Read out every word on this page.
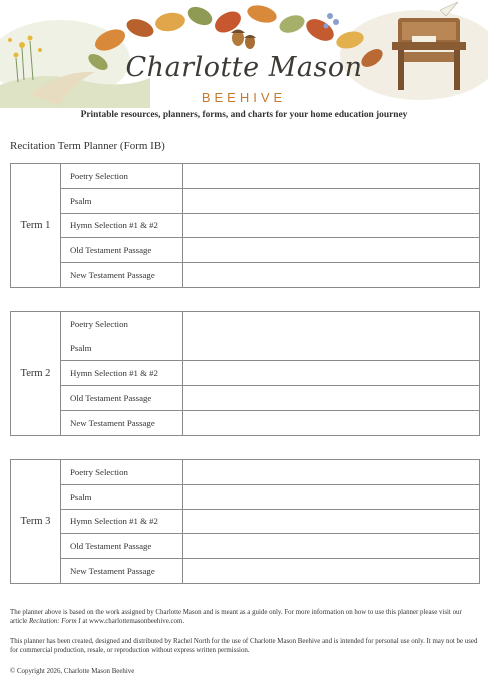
Charlotte Mason
BEEHIVE
Printable resources, planners, forms, and charts for your home education journey
Recitation Term Planner (Form IB)
Term 1
Poetry Selection
Psalm
Hymn Selection #1 & #2
Old Testament Passage
New Testament Passage
Term 2
Poetry Selection
Psalm
Hymn Selection #1 & #2
Old Testament Passage
New Testament Passage
Term 3
Poetry Selection
Psalm
Hymn Selection #1 & #2
Old Testament Passage
New Testament Passage
The planner above is based on the work assigned by Charlotte Mason and is meant as a guide only. For more information on how to use this planner please visit our article Recitation: Form I at www.charlottemasonbeehive.com.
This planner has been created, designed and distributed by Rachel North for the use of Charlotte Mason Beehive and is intended for personal use only. It may not be used for commercial production, resale, or reproduction without express written permission.
© Copyright 2026, Charlotte Mason Beehive
